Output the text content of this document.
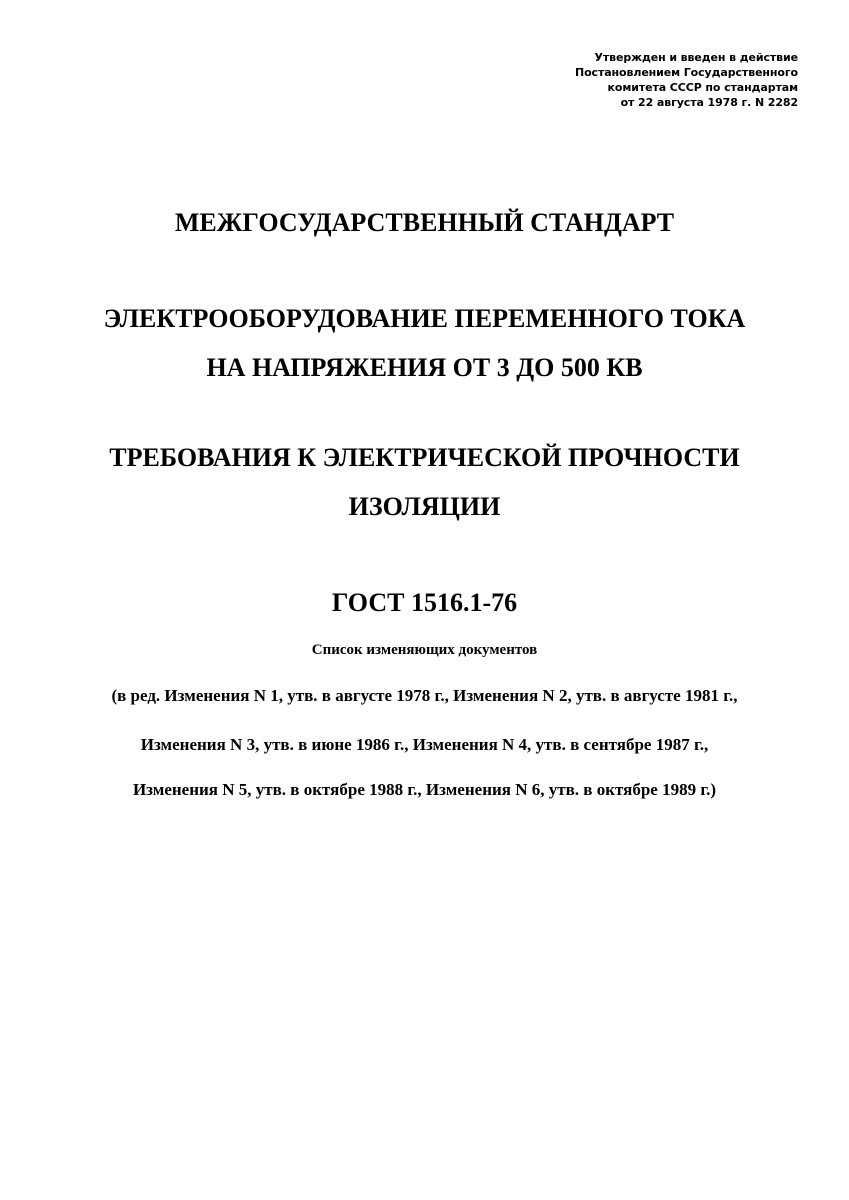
Утвержден и введен в действие
Постановлением Государственного
комитета СССР по стандартам
от 22 августа 1978 г. N 2282
МЕЖГОСУДАРСТВЕННЫЙ СТАНДАРТ
ЭЛЕКТРООБОРУДОВАНИЕ ПЕРЕМЕННОГО ТОКА
НА НАПРЯЖЕНИЯ ОТ 3 ДО 500 КВ
ТРЕБОВАНИЯ К ЭЛЕКТРИЧЕСКОЙ ПРОЧНОСТИ
ИЗОЛЯЦИИ
ГОСТ 1516.1-76
Список изменяющих документов
(в ред. Изменения N 1, утв. в августе 1978 г., Изменения N 2, утв. в августе 1981 г.,
Изменения N 3, утв. в июне 1986 г., Изменения N 4, утв. в сентябре 1987 г.,
Изменения N 5, утв. в октябре 1988 г., Изменения N 6, утв. в октябре 1989 г.)
